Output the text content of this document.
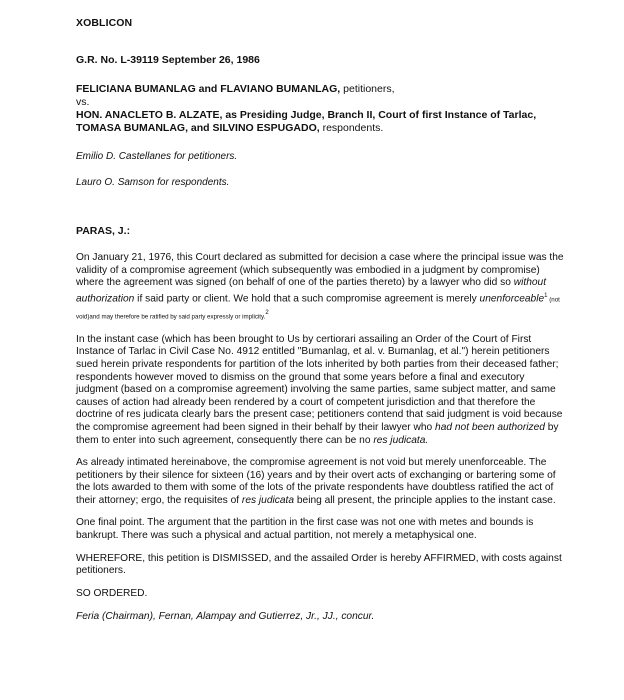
XOBLICON
G.R. No. L-39119 September 26, 1986
FELICIANA BUMANLAG and FLAVIANO BUMANLAG, petitioners,
vs.
HON. ANACLETO B. ALZATE, as Presiding Judge, Branch II, Court of first Instance of Tarlac,
TOMASA BUMANLAG, and SILVINO ESPUGADO, respondents.
Emilio D. Castellanes for petitioners.
Lauro O. Samson for respondents.
PARAS, J.:

On January 21, 1976, this Court declared as submitted for decision a case where the principal issue was the validity of a compromise agreement (which subsequently was embodied in a judgment by compromise) where the agreement was signed (on behalf of one of the parties thereto) by a lawyer who did so without authorization if said party or client. We hold that a such compromise agreement is merely unenforceable$^1$ (not void)and may therefore be ratified by said party expressly or implicity.$^2$

In the instant case (which has been brought to Us by certiorari assailing an Order of the Court of First Instance of Tarlac in Civil Case No. 4912 entitled "Bumanlag, et al. v. Bumanlag, et al.") herein petitioners sued herein private respondents for partition of the lots inherited by both parties from their deceased father; respondents however moved to dismiss on the ground that some years before a final and executory judgment (based on a compromise agreement) involving the same parties, same subject matter, and same causes of action had already been rendered by a court of competent jurisdiction and that therefore the doctrine of res judicata clearly bars the present case; petitioners contend that said judgment is void because the compromise agreement had been signed in their behalf by their lawyer who had not been authorized by them to enter into such agreement, consequently there can be no res judicata.

As already intimated hereinabove, the compromise agreement is not void but merely unenforceable. The petitioners by their silence for sixteen (16) years and by their overt acts of exchanging or bartering some of the lots awarded to them with some of the lots of the private respondents have doubtless ratified the act of their attorney; ergo, the requisites of res judicata being all present, the principle applies to the instant case.

One final point. The argument that the partition in the first case was not one with metes and bounds is bankrupt. There was such a physical and actual partition, not merely a metaphysical one.

WHEREFORE, this petition is DISMISSED, and the assailed Order is hereby AFFIRMED, with costs against petitioners.

SO ORDERED.
Feria (Chairman), Fernan, Alampay and Gutierrez, Jr., JJ., concur.
